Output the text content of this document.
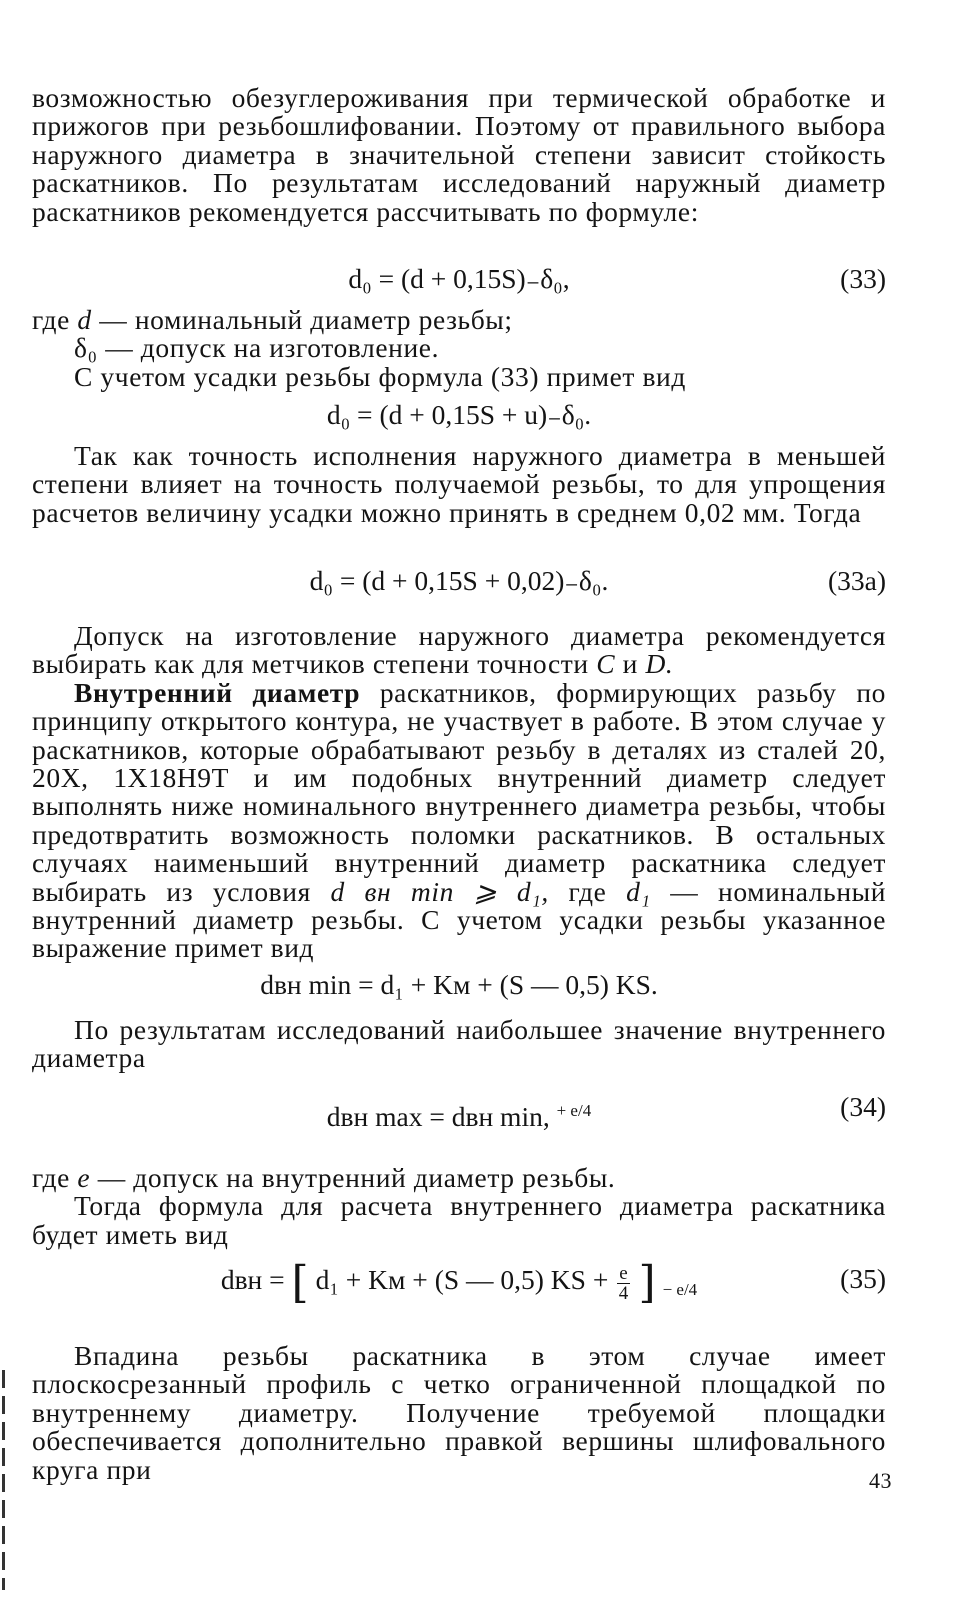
возможностью обезуглероживания при термической обработке и прижогов при резьбошлифовании. Поэтому от правильного выбора наружного диаметра в значительной степени зависит стойкость раскатников. По результатам исследований наружный диаметр раскатников рекомендуется рассчитывать по формуле:

d₀ = (d + 0,15S)₋δ₀,	(33)

где d — номинальный диаметр резьбы;

δ₀ — допуск на изготовление.

С учетом усадки резьбы формула (33) примет вид

d₀ = (d + 0,15S + u)₋δ₀.

Так как точность исполнения наружного диаметра в меньшей степени влияет на точность получаемой резьбы, то для упрощения расчетов величину усадки можно принять в среднем 0,02 мм. Тогда

d₀ = (d + 0,15S + 0,02)₋δ₀.	(33а)

Допуск на изготовление наружного диаметра рекомендуется выбирать как для метчиков степени точности C и D.

Внутренний диаметр раскатников, формирующих разьбу по принципу открытого контура, не участвует в работе. В этом случае у раскатников, которые обрабатывают резьбу в деталях из сталей 20, 20Х, 1Х18Н9Т и им подобных внутренний диаметр следует выполнять ниже номинального внутреннего диаметра резьбы, чтобы предотвратить возможность поломки раскатников. В остальных случаях наименьший внутренний диаметр раскатника следует выбирать из условия d вн min ⩾ d₁, где d₁ — номинальный внутренний диаметр резьбы. С учетом усадки резьбы указанное выражение примет вид

dвн min = d₁ + Kм + (S — 0,5) KS.

По результатам исследований наибольшее значение внутреннего диаметра

dвн max = dвн min, $^{+ e/4}$	(34)

где e — допуск на внутренний диаметр резьбы.

Тогда формула для расчета внутреннего диаметра раскатника будет иметь вид

dвн = [ d₁ + Kм + (S — 0,5) KS + $\frac{e}{4}$ ] $_{- e/4}$	(35)

Впадина резьбы раскатника в этом случае имеет плоскосрезанный профиль с четко ограниченной площадкой по внутреннему диаметру. Получение требуемой площадки обеспечивается дополнительно правкой вершины шлифовального круга при	43
